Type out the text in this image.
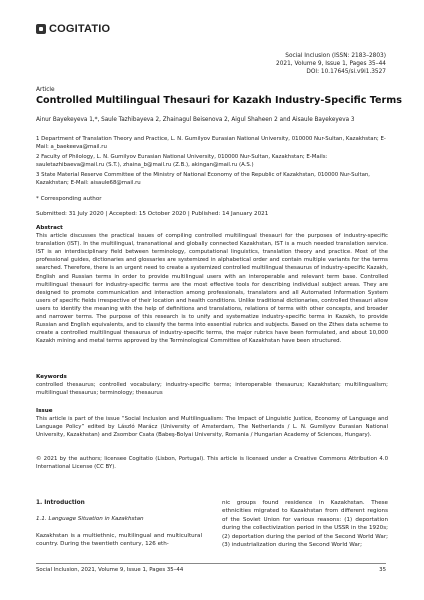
COGITATIO
Social Inclusion (ISSN: 2183–2803)
2021, Volume 9, Issue 1, Pages 35–44
DOI: 10.17645/si.v9i1.3527
Article
Controlled Multilingual Thesauri for Kazakh Industry-Specific Terms
Ainur Bayekeyeva 1,*, Saule Tazhibayeva 2, Zhainagul Beisenova 2, Aigul Shaheen 2 and Aisaule Bayekeyeva 3

1 Department of Translation Theory and Practice, L. N. Gumilyov Eurasian National University, 010000 Nur-Sultan, Kazakhstan; E-Mail: a_baekeeva@mail.ru

2 Faculty of Philology, L. N. Gumilyov Eurasian National University, 010000 Nur-Sultan, Kazakhstan; E-Mails: sauletazhibaeva@mail.ru (S.T.), zhaina_b@mail.ru (Z.B.), akingan@mail.ru (A.S.)

3 State Material Reserve Committee of the Ministry of National Economy of the Republic of Kazakhstan, 010000 Nur-Sultan, Kazakhstan; E-Mail: aisaule68@mail.ru

* Corresponding author
Submitted: 31 July 2020 | Accepted: 15 October 2020 | Published: 14 January 2021
Abstract

This article discusses the practical issues of compiling controlled multilingual thesauri for the purposes of industry-specific translation (IST). In the multilingual, transnational and globally connected Kazakhstan, IST is a much needed translation service. IST is an interdisciplinary field between terminology, computational linguistics, translation theory and practice. Most of the professional guides, dictionaries and glossaries are systemized in alphabetical order and contain multiple variants for the terms searched. Therefore, there is an urgent need to create a systemized controlled multilingual thesaurus of industry-specific Kazakh, English and Russian terms in order to provide multilingual users with an interoperable and relevant term base. Controlled multilingual thesauri for industry-specific terms are the most effective tools for describing individual subject areas. They are designed to promote communication and interaction among professionals, translators and all Automated Information System users of specific fields irrespective of their location and health conditions. Unlike traditional dictionaries, controlled thesauri allow users to identify the meaning with the help of definitions and translations, relations of terms with other concepts, and broader and narrower terms. The purpose of this research is to unify and systematize industry-specific terms in Kazakh, to provide Russian and English equivalents, and to classify the terms into essential rubrics and subjects. Based on the Zthes data scheme to create a controlled multilingual thesaurus of industry-specific terms, the major rubrics have been formulated, and about 10,000 Kazakh mining and metal terms approved by the Terminological Committee of Kazakhstan have been structured.

Keywords

controlled thesaurus; controlled vocabulary; industry-specific terms; interoperable thesaurus; Kazakhstan; multilingualism; multilingual thesaurus; terminology; thesaurus

Issue

This article is part of the issue “Social Inclusion and Multilingualism: The Impact of Linguistic Justice, Economy of Language and Language Policy” edited by László Marácz (University of Amsterdam, The Netherlands / L. N. Gumilyov Eurasian National University, Kazakhstan) and Zsombor Csata (Babeş-Bolyai University, Romania / Hungarian Academy of Sciences, Hungary).

© 2021 by the authors; licensee Cogitatio (Lisbon, Portugal). This article is licensed under a Creative Commons Attribution 4.0 International License (CC BY).

1. Introduction

1.1. Language Situation in Kazakhstan

Kazakhstan is a multiethnic, multilingual and multicultural country. During the twentieth century, 126 eth-

nic groups found residence in Kazakhstan. These ethnicities migrated to Kazakhstan from different regions of the Soviet Union for various reasons: (1) deportation during the collectivization period in the USSR in the 1920s; (2) deportation during the period of the Second World War; (3) industrialization during the Second World War;

Social Inclusion, 2021, Volume 9, Issue 1, Pages 35–44	35
